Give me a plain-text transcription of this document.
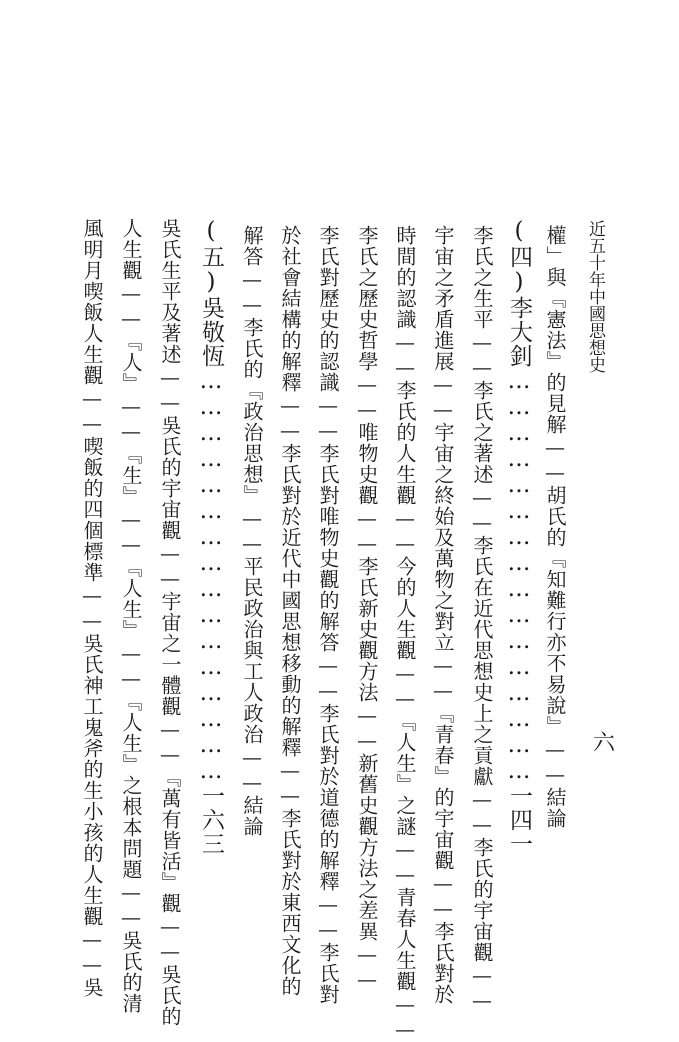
近五十年中國思想史
六
權」與『憲法』的見解——胡氏的『知難行亦不易說』——結論
(四)李大釗…………………………………………一四一
李氏之生平——李氏之著述——李氏在近代思想史上之貢獻——李氏的宇宙觀——
宇宙之矛盾進展——宇宙之終始及萬物之對立——『青春』的宇宙觀——李氏對於
時間的認識——李氏的人生觀——今的人生觀——『人生』之謎——青春人生觀——
李氏之歷史哲學——唯物史觀——李氏新史觀方法——新舊史觀方法之差異——
李氏對歷史的認識——李氏對唯物史觀的解答——李氏對於道德的解釋——李氏對
於社會結構的解釋——李氏對於近代中國思想移動的解釋——李氏對於東西文化的
解答——李氏的『政治思想』——平民政治與工人政治——結論
(五)吳敬恆…………………………………………一六三
吳氏生平及著述——吳氏的宇宙觀——宇宙之一體觀——『萬有皆活』觀——吳氏的
人生觀——『人』——『生』——『人生』——『人生』之根本問題——吳氏的清
風明月喫飯人生觀——喫飯的四個標準——吳氏神工鬼斧的生小孩的人生觀——吳
